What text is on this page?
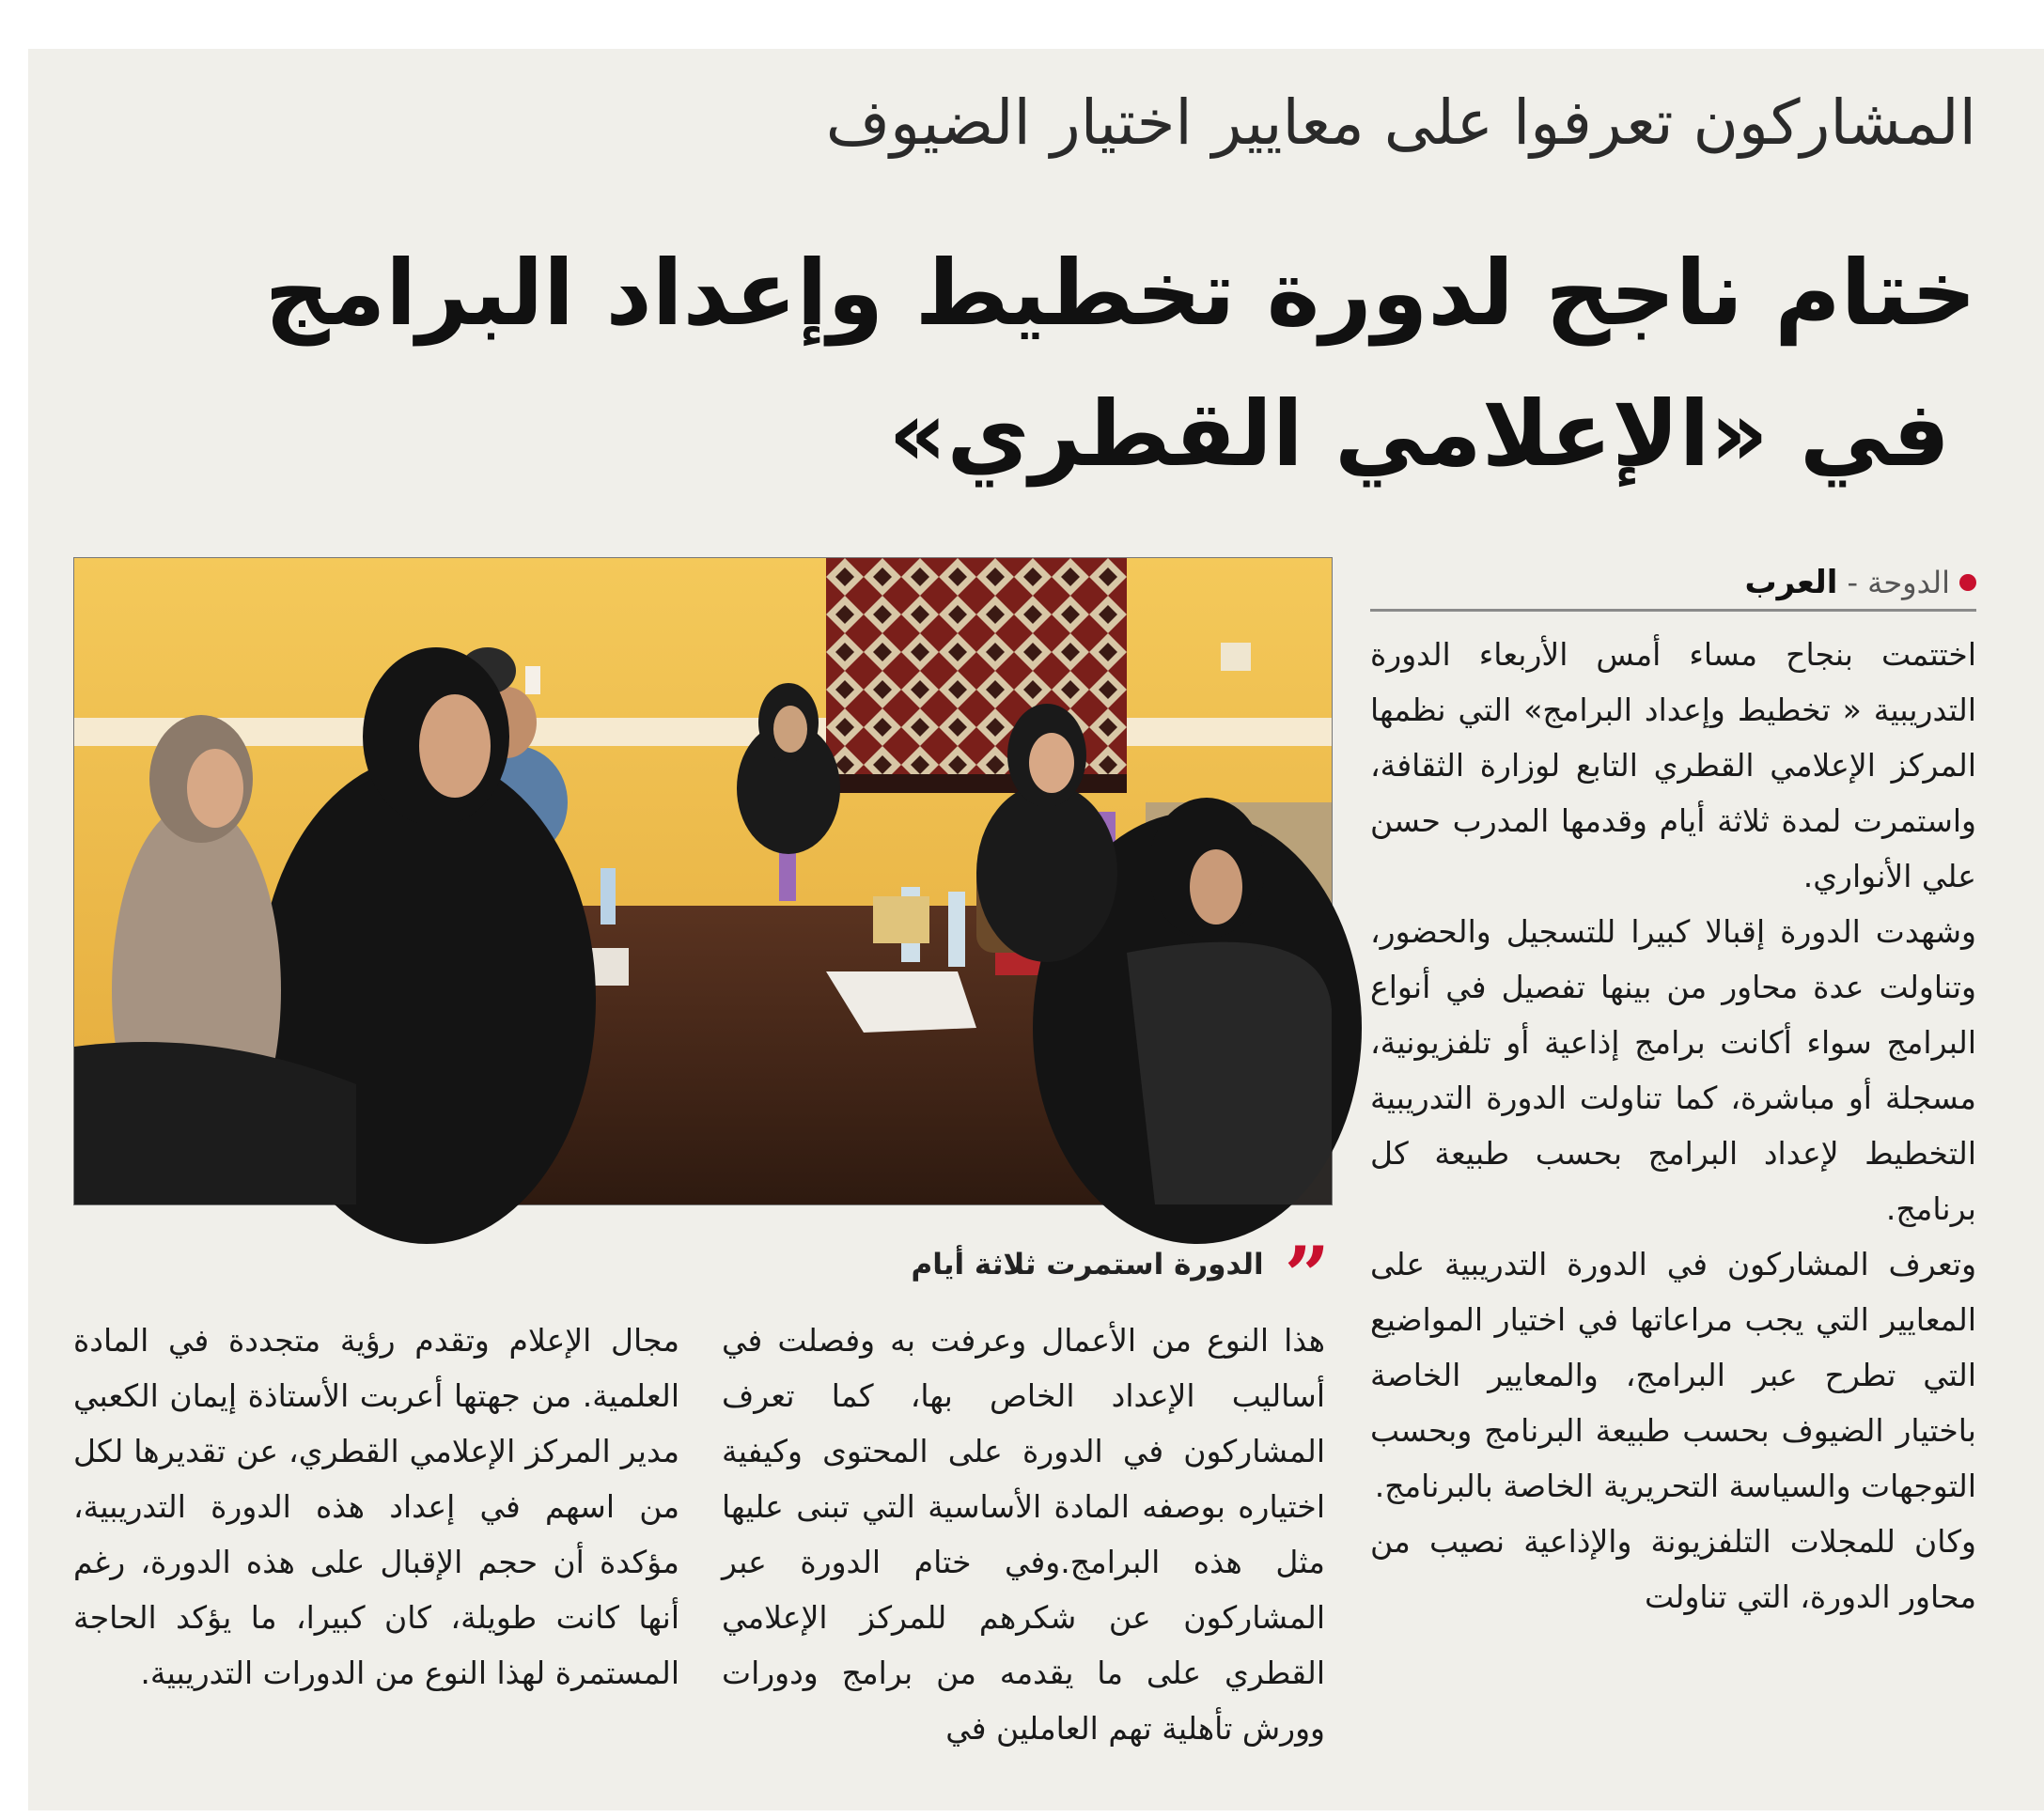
المشاركون تعرفوا على معايير اختيار الضيوف
ختام ناجح لدورة تخطيط وإعداد البرامج
في «الإعلامي القطري»
الدوحة -
العرب
”
الدورة استمرت ثلاثة أيام

اختتمت بنجاح مساء أمس الأربعاء الدورة التدريبية « تخطيط وإعداد البرامج» التي نظمها المركز الإعلامي القطري التابع لوزارة الثقافة، واستمرت لمدة ثلاثة أيام وقدمها المدرب حسن علي الأنواري.

وشهدت الدورة إقبالا كبيرا للتسجيل والحضور، وتناولت عدة محاور من بينها تفصيل في أنواع البرامج سواء أكانت برامج إذاعية أو تلفزيونية، مسجلة أو مباشرة، كما تناولت الدورة التدريبية التخطيط لإعداد البرامج بحسب طبيعة كل برنامج.

وتعرف المشاركون في الدورة التدريبية على المعايير التي يجب مراعاتها في اختيار المواضيع التي تطرح عبر البرامج، والمعايير الخاصة باختيار الضيوف بحسب طبيعة البرنامج وبحسب التوجهات والسياسة التحريرية الخاصة بالبرنامج.

وكان للمجلات التلفزيونة والإذاعية نصيب من محاور الدورة، التي تناولت

هذا النوع من الأعمال وعرفت به وفصلت في أساليب الإعداد الخاص بها، كما تعرف المشاركون في الدورة على المحتوى وكيفية اختياره بوصفه المادة الأساسية التي تبنى عليها مثل هذه البرامج.وفي ختام الدورة عبر المشاركون عن شكرهم للمركز الإعلامي القطري على ما يقدمه من برامج ودورات وورش تأهلية تهم العاملين في

مجال الإعلام وتقدم رؤية متجددة في المادة العلمية. من جهتها أعربت الأستاذة إيمان الكعبي مدير المركز الإعلامي القطري، عن تقديرها لكل من اسهم في إعداد هذه الدورة التدريبية، مؤكدة أن حجم الإقبال على هذه الدورة، رغم أنها كانت طويلة، كان كبيرا، ما يؤكد الحاجة المستمرة لهذا النوع من الدورات التدريبية.
